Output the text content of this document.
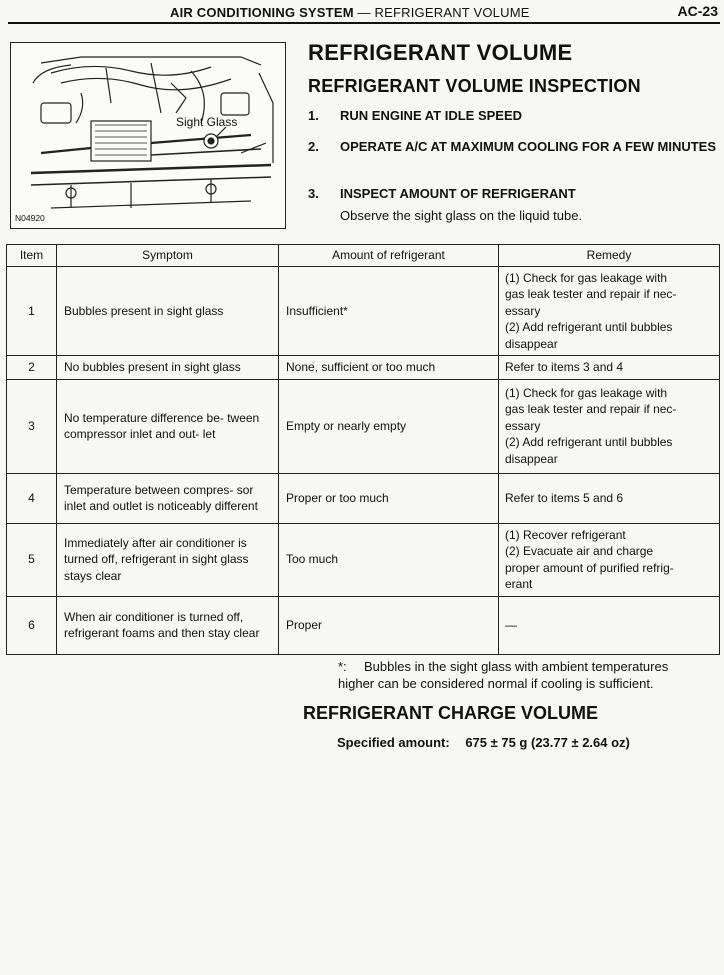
AIR CONDITIONING SYSTEM — REFRIGERANT VOLUME	AC-23
Sight Glass
N04920
REFRIGERANT VOLUME
REFRIGERANT VOLUME INSPECTION
1. RUN ENGINE AT IDLE SPEED
2. OPERATE A/C AT MAXIMUM COOLING FOR A FEW MINUTES
3. INSPECT AMOUNT OF REFRIGERANT
Observe the sight glass on the liquid tube.
Item	Symptom	Amount of refrigerant	Remedy
1	Bubbles present in sight glass	Insufficient*	(1) Check for gas leakage with
gas leak tester and repair if nec-
essary
(2) Add refrigerant until bubbles
disappear

2	No bubbles present in sight glass	None, sufficient or too much	Refer to items 3 and 4

3	No temperature difference be- tween compressor inlet and out- let	Empty or nearly empty	(1) Check for gas leakage with
gas leak tester and repair if nec-
essary
(2) Add refrigerant until bubbles
disappear

4	Temperature between compres- sor inlet and outlet is noticeably different	Proper or too much	Refer to items 5 and 6

5	Immediately after air conditioner is turned off, refrigerant in sight glass stays clear	Too much	(1) Recover refrigerant
(2) Evacuate air and charge
proper amount of purified refrig-
erant

6	When air conditioner is turned off, refrigerant foams and then stay clear	Proper	—
*: Bubbles in the sight glass with ambient temperatures
higher can be considered normal if cooling is sufficient.
REFRIGERANT CHARGE VOLUME
Specified amount: 675 ± 75 g (23.77 ± 2.64 oz)
